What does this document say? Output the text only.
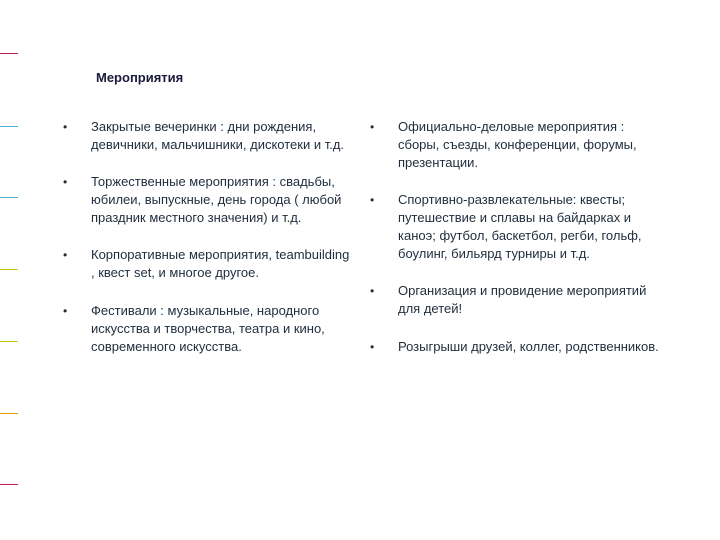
Мероприятия
• Закрытые вечеринки : дни рождения, девичники, мальчишники, дискотеки и т.д.
• Торжественные мероприятия : свадьбы, юбилеи, выпускные, день города ( любой праздник местного значения) и т.д.
• Корпоративные мероприятия, teambuilding , квест set, и многое другое.
• Фестивали : музыкальные, народного искусства и творчества, театра и кино, современного искусства.
• Официально-деловые мероприятия : сборы, съезды, конференции, форумы, презентации.
• Спортивно-развлекательные: квесты; путешествие и сплавы на байдарках и каноэ; футбол, баскетбол, регби, гольф, боулинг, бильярд турниры и т.д.
• Организация и провидение мероприятий для детей!
• Розыгрыши друзей, коллег, родственников.
